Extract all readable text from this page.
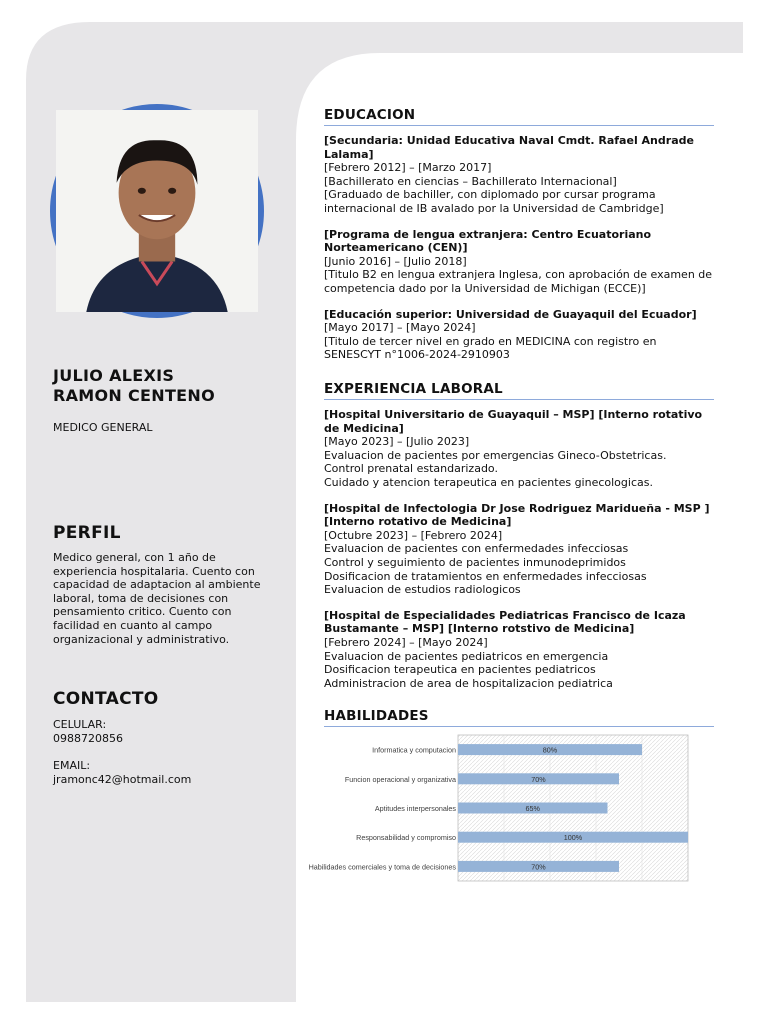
JULIO ALEXIS
RAMON CENTENO
MEDICO GENERAL
PERFIL
Medico general, con 1 año de experiencia hospitalaria. Cuento con capacidad de adaptacion al ambiente laboral, toma de decisiones con pensamiento critico. Cuento con facilidad en cuanto al campo organizacional y administrativo.
CONTACTO
CELULAR:
0988720856
EMAIL:
jramonc42@hotmail.com
EDUCACION
[Secundaria: Unidad Educativa Naval Cmdt. Rafael Andrade Lalama]
[Febrero 2012] – [Marzo 2017]
[Bachillerato en ciencias – Bachillerato Internacional]
[Graduado de bachiller, con diplomado por cursar programa internacional de IB avalado por la Universidad de Cambridge]
[Programa de lengua extranjera: Centro Ecuatoriano Norteamericano (CEN)]
[Junio 2016] – [Julio 2018]
[Titulo B2 en lengua extranjera Inglesa, con aprobación de examen de competencia dado por la Universidad de Michigan (ECCE)]
[Educación superior: Universidad de Guayaquil del Ecuador]
[Mayo 2017] – [Mayo 2024]
[Titulo de tercer nivel en grado en MEDICINA con registro en SENESCYT n°1006-2024-2910903
EXPERIENCIA LABORAL
[Hospital Universitario de Guayaquil – MSP] [Interno rotativo de Medicina]
[Mayo 2023] – [Julio 2023]
Evaluacion de pacientes por emergencias Gineco-Obstetricas.
Control prenatal estandarizado.
Cuidado y atencion terapeutica en pacientes ginecologicas.
[Hospital de Infectologia Dr Jose Rodriguez Maridueña - MSP ] [Interno rotativo de Medicina]
[Octubre 2023] – [Febrero 2024]
Evaluacion de pacientes con enfermedades infecciosas
Control y seguimiento de pacientes inmunodeprimidos
Dosificacion de tratamientos en enfermedades infecciosas
Evaluacion de estudios radiologicos
[Hospital de Especialidades Pediatricas Francisco de Icaza Bustamante – MSP] [Interno rotstivo de Medicina]
[Febrero 2024] – [Mayo 2024]
Evaluacion de pacientes pediatricos en emergencia
Dosificacion terapeutica en pacientes pediatricos
Administracion de area de hospitalizacion pediatrica
HABILIDADES
Informatica y computacion	80%
Funcion operacional y organizativa	70%
Aptitudes interpersonales	65%
Responsabilidad y compromiso	100%
Habilidades comerciales y toma de decisiones	70%
